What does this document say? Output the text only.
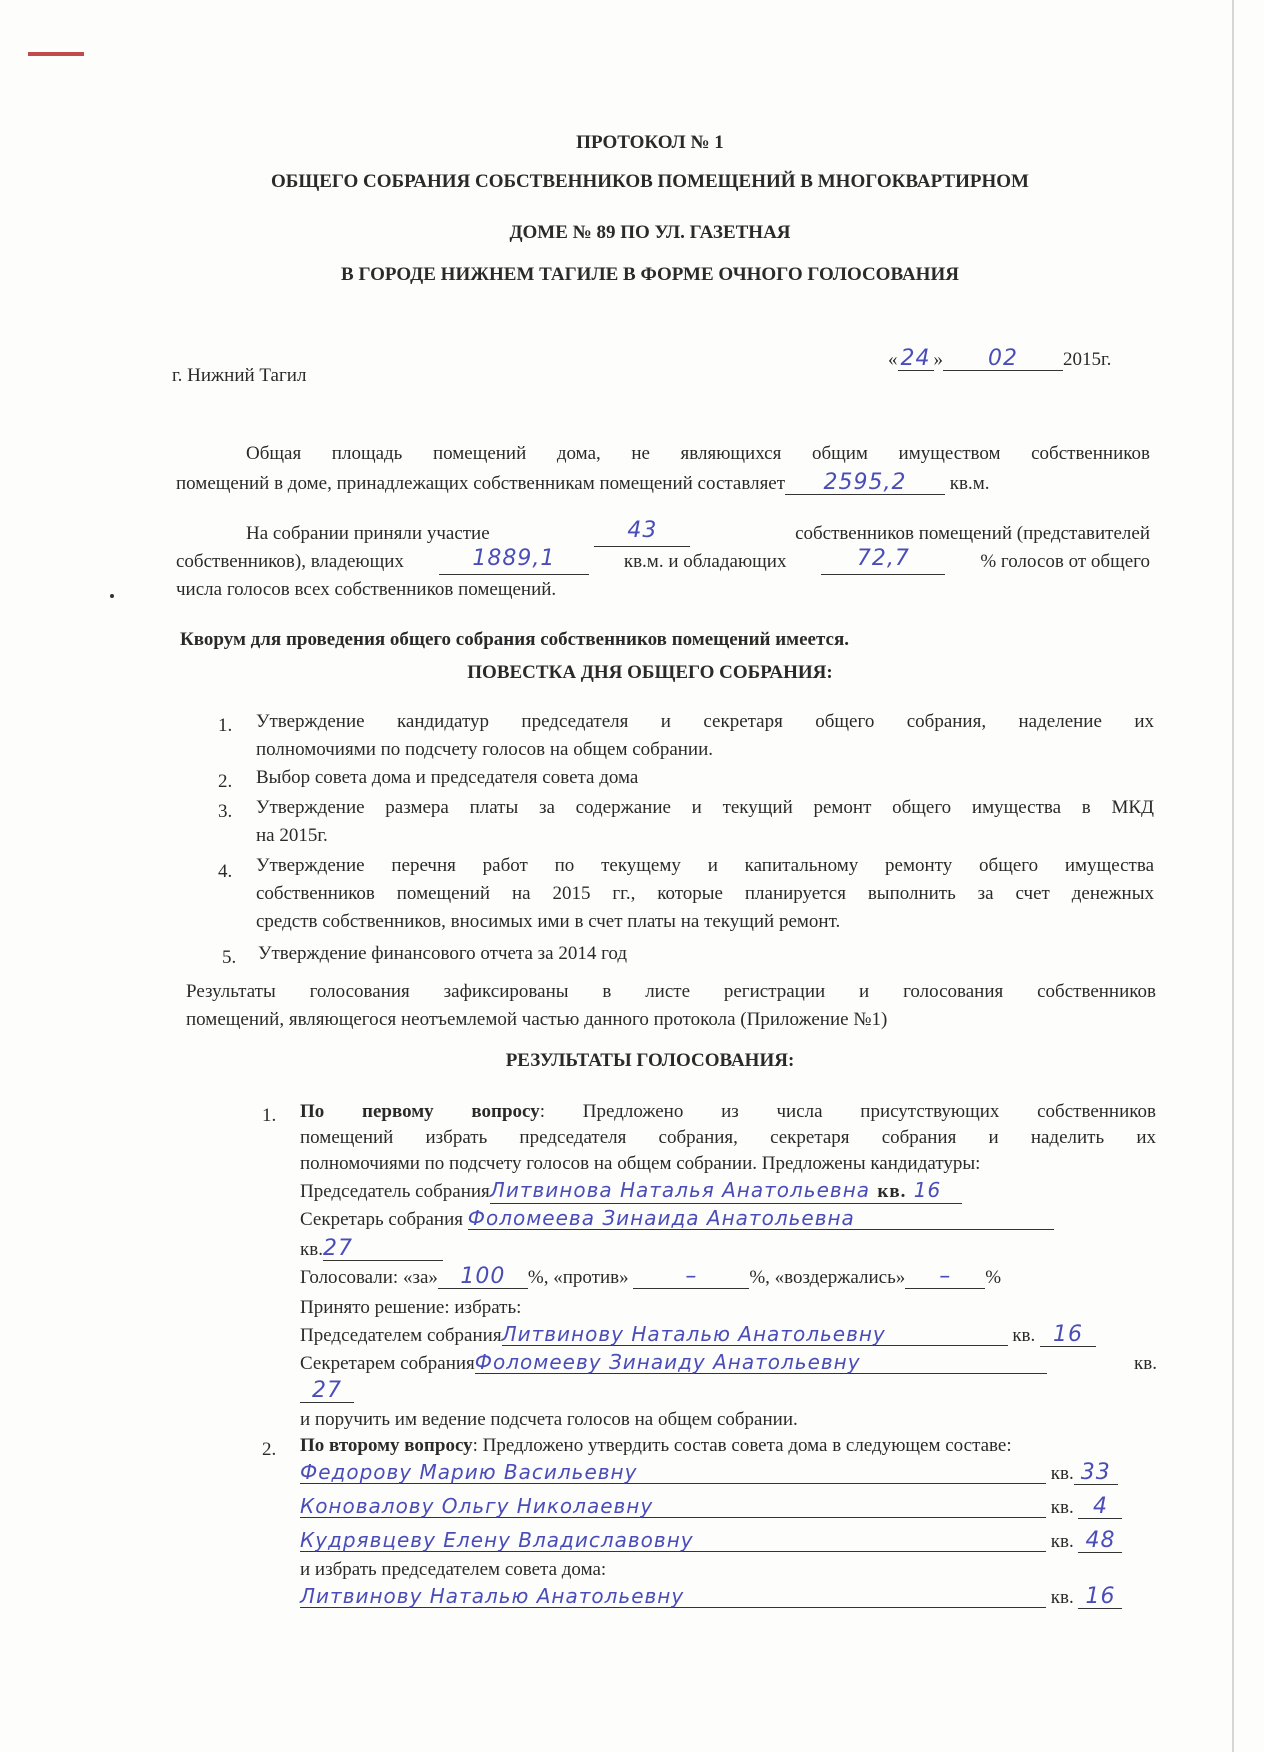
ПРОТОКОЛ № 1
ОБЩЕГО СОБРАНИЯ СОБСТВЕННИКОВ ПОМЕЩЕНИЙ В МНОГОКВАРТИРНОМ
ДОМЕ № 89 ПО УЛ. ГАЗЕТНАЯ
В ГОРОДЕ НИЖНЕМ ТАГИЛЕ В ФОРМЕ ОЧНОГО ГОЛОСОВАНИЯ
г. Нижний Тагил
« 24 » 02 2015г.
Общая площадь помещений дома, не являющихся общим имуществом собственников
помещений в доме, принадлежащих собственникам помещений составляет 2595,2 кв.м.
На собрании приняли участие	43	собственников помещений (представителей
собственников), владеющих	1889,1	кв.м. и обладающих	72,7	% голосов от общего
числа голосов всех собственников помещений.
Кворум для проведения общего собрания собственников помещений имеется.
ПОВЕСТКА ДНЯ ОБЩЕГО СОБРАНИЯ:
1. Утверждение кандидатур председателя и секретаря общего собрания, наделение их
полномочиями по подсчету голосов на общем собрании.
2. Выбор совета дома и председателя совета дома
3. Утверждение размера платы за содержание и текущий ремонт общего имущества в МКД
на 2015г.
4. Утверждение перечня работ по текущему и капитальному ремонту общего имущества
собственников помещений на 2015 гг., которые планируется выполнить за счет денежных
средств собственников, вносимых ими в счет платы на текущий ремонт.
5. Утверждение финансового отчета за 2014 год
Результаты голосования зафиксированы в листе регистрации и голосования собственников
помещений, являющегося неотъемлемой частью данного протокола (Приложение №1)
РЕЗУЛЬТАТЫ ГОЛОСОВАНИЯ:
1. По первому вопросу: Предложено из числа присутствующих собственников
помещений избрать председателя собрания, секретаря собрания и наделить их
полномочиями по подсчету голосов на общем собрании. Предложены кандидатуры:
Председатель собранияЛитвинова Наталья Анатольевна кв. 16
Секретарь собрания Фоломеева Зинаида Анатольевна
кв.27
Голосовали: «за» 100 %, «против»	–	%, «воздержались» – %
Принято решение: избрать:
Председателем собранияЛитвинову Наталью Анатольевну	кв. 16
Секретарем собранияФоломееву Зинаиду Анатольевну	кв.
27
и поручить им ведение подсчета голосов на общем собрании.
2. По второму вопросу: Предложено утвердить состав совета дома в следующем составе:
Федорову Марию Васильевну	кв. 33
Коновалову Ольгу Николаевну	кв. 4
Кудрявцеву Елену Владиславовну	кв. 48
и избрать председателем совета дома:
Литвинову Наталью Анатольевну	кв. 16
